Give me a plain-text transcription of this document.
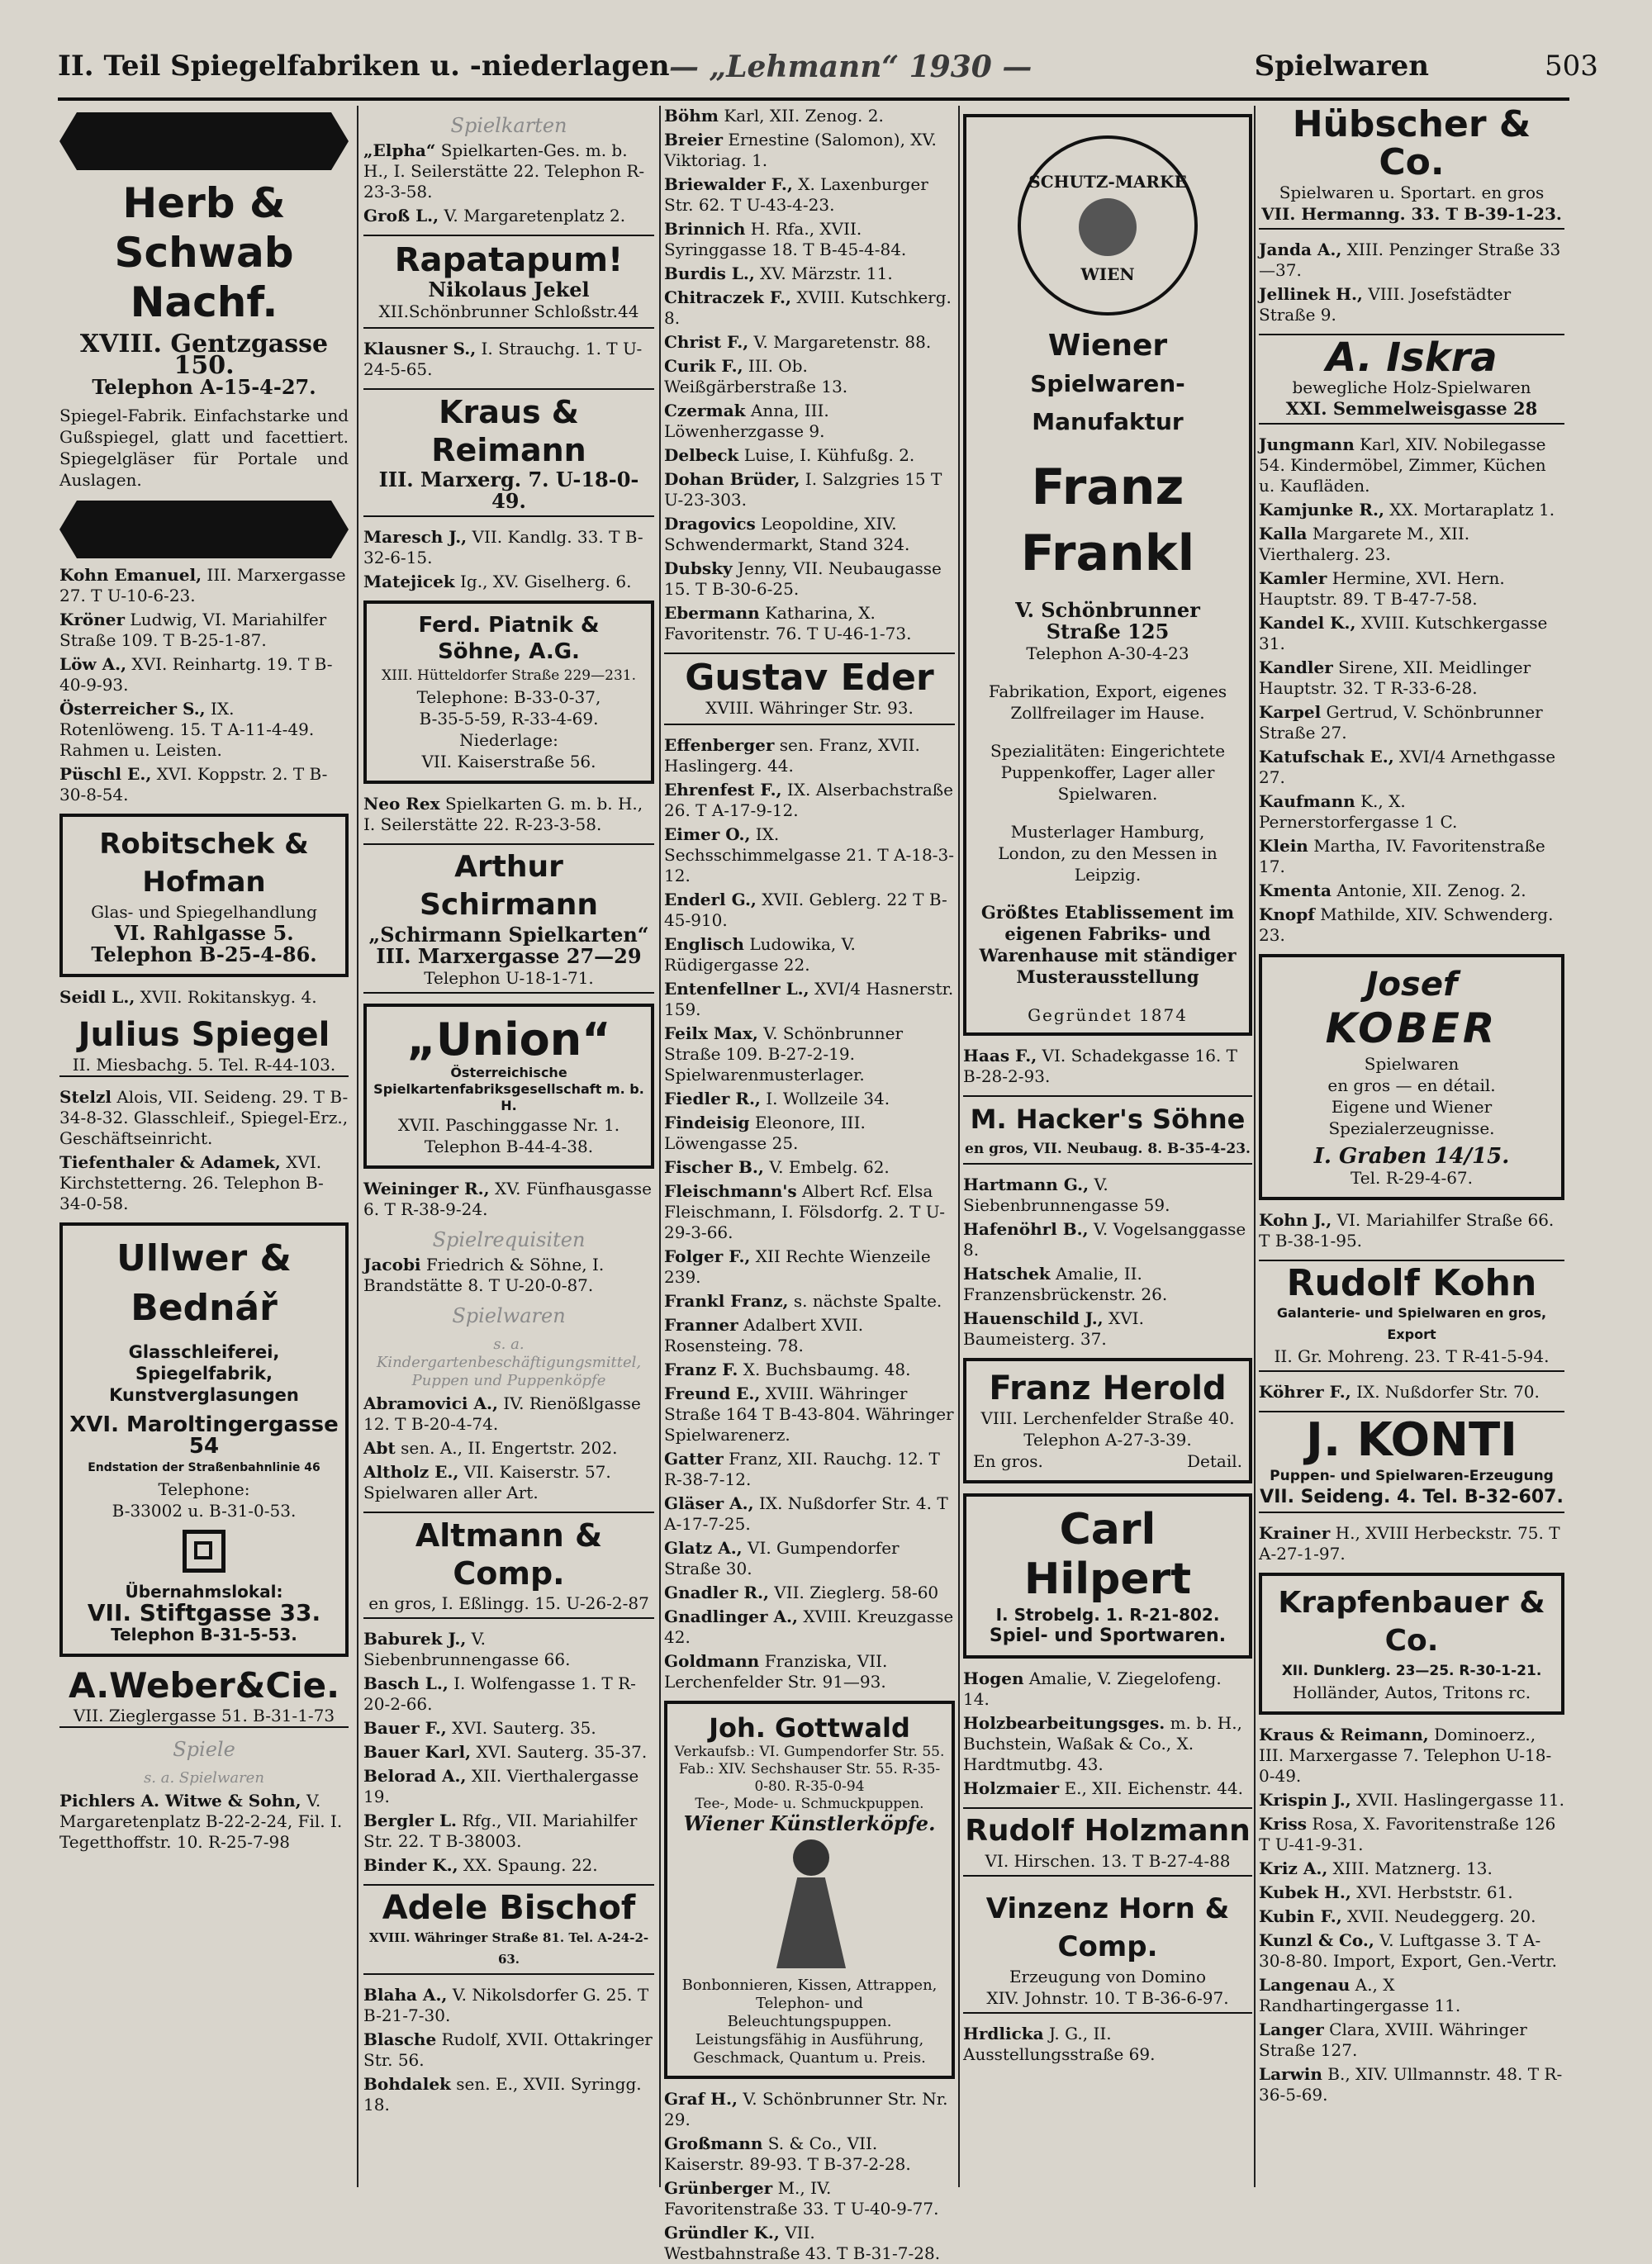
II. Teil Spiegelfabriken u. -niederlagen — „Lehmann“ 1930 —	Spielwaren	503
Herb & Schwab Nachf.
XVIII. Gentzgasse 150.
Telephon A-15-4-27.
Spiegel-Fabrik. Einfachstarke und Gußspiegel, glatt und facettiert. Spiegelgläser für Portale und Auslagen.

Kohn Emanuel, III. Marxergasse 27. T U-10-6-23.

Kröner Ludwig, VI. Mariahilfer Straße 109. T B-25-1-87.

Löw A., XVI. Reinhartg. 19. T B-40-9-93.

Österreicher S., IX. Rotenlöweng. 15. T A-11-4-49. Rahmen u. Leisten.

Püschl E., XVI. Koppstr. 2. T B-30-8-54.

Robitschek & Hofman
Glas- und Spiegelhandlung
VI. Rahlgasse 5.
Telephon B-25-4-86.

Seidl L., XVII. Rokitanskyg. 4.

Julius Spiegel
II. Miesbachg. 5. Tel. R-44-103.

Stelzl Alois, VII. Seideng. 29. T B-34-8-32. Glasschleif., Spiegel-Erz., Geschäftseinricht.

Tiefenthaler & Adamek, XVI. Kirchstetterng. 26. Telephon B-34-0-58.

Ullwer & Bednář
Glasschleiferei, Spiegelfabrik, Kunstverglasungen
XVI. Maroltingergasse 54
Endstation der Straßenbahnlinie 46
Telephone:
B-33002 u. B-31-0-53.
Übernahmslokal:
VII. Stiftgasse 33.
Telephon B-31-5-53.
A.Weber&Cie.
VII. Zieglergasse 51. B-31-1-73
Spiele
s. a. Spielwaren

Pichlers A. Witwe & Sohn, V. Margaretenplatz B-22-2-24, Fil. I. Tegetthoffstr. 10. R-25-7-98

Spielkarten

„Elpha“ Spielkarten-Ges. m. b. H., I. Seilerstätte 22. Telephon R-23-3-58.

Groß L., V. Margaretenplatz 2.

Rapatapum!
Nikolaus Jekel
XII.Schönbrunner Schloßstr.44

Klausner S., I. Strauchg. 1. T U-24-5-65.

Kraus & Reimann
III. Marxerg. 7. U-18-0-49.

Maresch J., VII. Kandlg. 33. T B-32-6-15.

Matejicek Ig., XV. Giselherg. 6.

Ferd. Piatnik & Söhne, A.G.
XIII. Hütteldorfer Straße 229—231.
Telephone: B-33-0-37,
B-35-5-59, R-33-4-69.
Niederlage:
VII. Kaiserstraße 56.

Neo Rex Spielkarten G. m. b. H., I. Seilerstätte 22. R-23-3-58.

Arthur Schirmann
„Schirmann Spielkarten“
III. Marxergasse 27—29
Telephon U-18-1-71.
„Union“
Österreichische Spielkartenfabriksgesellschaft m. b. H.
XVII. Paschinggasse Nr. 1.
Telephon B-44-4-38.

Weininger R., XV. Fünfhausgasse 6. T R-38-9-24.

Spielrequisiten

Jacobi Friedrich & Söhne, I. Brandstätte 8. T U-20-0-87.

Spielwaren
s. a. Kindergartenbeschäftigungsmittel, Puppen und Puppenköpfe

Abramovici A., IV. Rienößlgasse 12. T B-20-4-74.

Abt sen. A., II. Engertstr. 202.

Altholz E., VII. Kaiserstr. 57. Spielwaren aller Art.

Altmann & Comp.
en gros, I. Eßlingg. 15. U-26-2-87

Baburek J., V. Siebenbrunnengasse 66.

Basch L., I. Wolfengasse 1. T R-20-2-66.

Bauer F., XVI. Sauterg. 35.

Bauer Karl, XVI. Sauterg. 35-37.

Belorad A., XII. Vierthalergasse 19.

Bergler L. Rfg., VII. Mariahilfer Str. 22. T B-38003.

Binder K., XX. Spaung. 22.

Adele Bischof
XVIII. Währinger Straße 81. Tel. A-24-2-63.

Blaha A., V. Nikolsdorfer G. 25. T B-21-7-30.

Blasche Rudolf, XVII. Ottakringer Str. 56.

Bohdalek sen. E., XVII. Syringg. 18.

Böhm Karl, XII. Zenog. 2.

Breier Ernestine (Salomon), XV. Viktoriag. 1.

Briewalder F., X. Laxenburger Str. 62. T U-43-4-23.

Brinnich H. Rfa., XVII. Syringgasse 18. T B-45-4-84.

Burdis L., XV. Märzstr. 11.

Chitraczek F., XVIII. Kutschkerg. 8.

Christ F., V. Margaretenstr. 88.

Curik F., III. Ob. Weißgärberstraße 13.

Czermak Anna, III. Löwenherzgasse 9.

Delbeck Luise, I. Kühfußg. 2.

Dohan Brüder, I. Salzgries 15 T U-23-303.

Dragovics Leopoldine, XIV. Schwendermarkt, Stand 324.

Dubsky Jenny, VII. Neubaugasse 15. T B-30-6-25.

Ebermann Katharina, X. Favoritenstr. 76. T U-46-1-73.

Gustav Eder
XVIII. Währinger Str. 93.

Effenberger sen. Franz, XVII. Haslingerg. 44.

Ehrenfest F., IX. Alserbachstraße 26. T A-17-9-12.

Eimer O., IX. Sechsschimmelgasse 21. T A-18-3-12.

Enderl G., XVII. Geblerg. 22 T B-45-910.

Englisch Ludowika, V. Rüdigergasse 22.

Entenfellner L., XVI/4 Hasnerstr. 159.

Feilx Max, V. Schönbrunner Straße 109. B-27-2-19. Spielwarenmusterlager.

Fiedler R., I. Wollzeile 34.

Findeisig Eleonore, III. Löwengasse 25.

Fischer B., V. Embelg. 62.

Fleischmann's Albert Rcf. Elsa Fleischmann, I. Fölsdorfg. 2. T U-29-3-66.

Folger F., XII Rechte Wienzeile 239.

Frankl Franz, s. nächste Spalte.

Franner Adalbert XVII. Rosensteing. 78.

Franz F. X. Buchsbaumg. 48.

Freund E., XVIII. Währinger Straße 164 T B-43-804. Währinger Spielwarenerz.

Gatter Franz, XII. Rauchg. 12. T R-38-7-12.

Gläser A., IX. Nußdorfer Str. 4. T A-17-7-25.

Glatz A., VI. Gumpendorfer Straße 30.

Gnadler R., VII. Zieglerg. 58-60

Gnadlinger A., XVIII. Kreuzgasse 42.

Goldmann Franziska, VII. Lerchenfelder Str. 91—93.

Joh. Gottwald
Verkaufsb.: VI. Gumpendorfer Str. 55. Fab.: XIV. Sechshauser Str. 55. R-35-0-80. R-35-0-94
Tee-, Mode- u. Schmuckpuppen.
Wiener Künstlerköpfe.
Bonbonnieren, Kissen, Attrappen, Telephon- und Beleuchtungspuppen. Leistungsfähig in Ausführung, Geschmack, Quantum u. Preis.

Graf H., V. Schönbrunner Str. Nr. 29.

Großmann S. & Co., VII. Kaiserstr. 89-93. T B-37-2-28.

Grünberger M., IV. Favoritenstraße 33. T U-40-9-77.

Gründler K., VII. Westbahnstraße 43. T B-31-7-28.

SCHUTZ-MARKE
WIEN
Wiener
Spielwaren-Manufaktur
Franz Frankl
V. Schönbrunner Straße 125
Telephon A-30-4-23
Fabrikation, Export, eigenes Zollfreilager im Hause.
Spezialitäten: Eingerichtete Puppenkoffer, Lager aller Spielwaren.
Musterlager Hamburg, London, zu den Messen in Leipzig.
Größtes Etablissement im eigenen Fabriks- und Warenhause mit ständiger Musterausstellung
Gegründet 1874

Haas F., VI. Schadekgasse 16. T B-28-2-93.

M. Hacker's Söhne
en gros, VII. Neubaug. 8. B-35-4-23.

Hartmann G., V. Siebenbrunnengasse 59.

Hafenöhrl B., V. Vogelsanggasse 8.

Hatschek Amalie, II. Franzensbrückenstr. 26.

Hauenschild J., XVI. Baumeisterg. 37.

Franz Herold
VIII. Lerchenfelder Straße 40.
Telephon A-27-3-39.
En gros.	Detail.
Carl Hilpert
I. Strobelg. 1. R-21-802.
Spiel- und Sportwaren.

Hogen Amalie, V. Ziegelofeng. 14.

Holzbearbeitungsges. m. b. H., Buchstein, Waßak & Co., X. Hardtmutbg. 43.

Holzmaier E., XII. Eichenstr. 44.

Rudolf Holzmann
VI. Hirschen. 13. T B-27-4-88
Vinzenz Horn & Comp.
Erzeugung von Domino
XIV. Johnstr. 10. T B-36-6-97.

Hrdlicka J. G., II. Ausstellungsstraße 69.

Hübscher & Co.
Spielwaren u. Sportart. en gros
VII. Hermanng. 33. T B-39-1-23.

Janda A., XIII. Penzinger Straße 33—37.

Jellinek H., VIII. Josefstädter Straße 9.

A. Iskra
bewegliche Holz-Spielwaren
XXI. Semmelweisgasse 28

Jungmann Karl, XIV. Nobilegasse 54. Kindermöbel, Zimmer, Küchen u. Kaufläden.

Kamjunke R., XX. Mortaraplatz 1.

Kalla Margarete M., XII. Vierthalerg. 23.

Kamler Hermine, XVI. Hern. Hauptstr. 89. T B-47-7-58.

Kandel K., XVIII. Kutschkergasse 31.

Kandler Sirene, XII. Meidlinger Hauptstr. 32. T R-33-6-28.

Karpel Gertrud, V. Schönbrunner Straße 27.

Katufschak E., XVI/4 Arnethgasse 27.

Kaufmann K., X. Pernerstorfergasse 1 C.

Klein Martha, IV. Favoritenstraße 17.

Kmenta Antonie, XII. Zenog. 2.

Knopf Mathilde, XIV. Schwenderg. 23.

Josef
KOBER
Spielwaren
en gros — en détail.
Eigene und Wiener
Spezialerzeugnisse.
I. Graben 14/15.
Tel. R-29-4-67.

Kohn J., VI. Mariahilfer Straße 66. T B-38-1-95.

Rudolf Kohn
Galanterie- und Spielwaren en gros, Export
II. Gr. Mohreng. 23. T R-41-5-94.

Köhrer F., IX. Nußdorfer Str. 70.

J. KONTI
Puppen- und Spielwaren-Erzeugung
VII. Seideng. 4. Tel. B-32-607.

Krainer H., XVIII Herbeckstr. 75. T A-27-1-97.

Krapfenbauer & Co.
XII. Dunklerg. 23—25. R-30-1-21.
Holländer, Autos, Tritons rc.

Kraus & Reimann, Dominoerz., III. Marxergasse 7. Telephon U-18-0-49.

Krispin J., XVII. Haslingergasse 11.

Kriss Rosa, X. Favoritenstraße 126 T U-41-9-31.

Kriz A., XIII. Matznerg. 13.

Kubek H., XVI. Herbststr. 61.

Kubin F., XVII. Neudeggerg. 20.

Kunzl & Co., V. Luftgasse 3. T A-30-8-80. Import, Export, Gen.-Vertr.

Langenau A., X Randhartingergasse 11.

Langer Clara, XVIII. Währinger Straße 127.

Larwin B., XIV. Ullmannstr. 48. T R-36-5-69.
